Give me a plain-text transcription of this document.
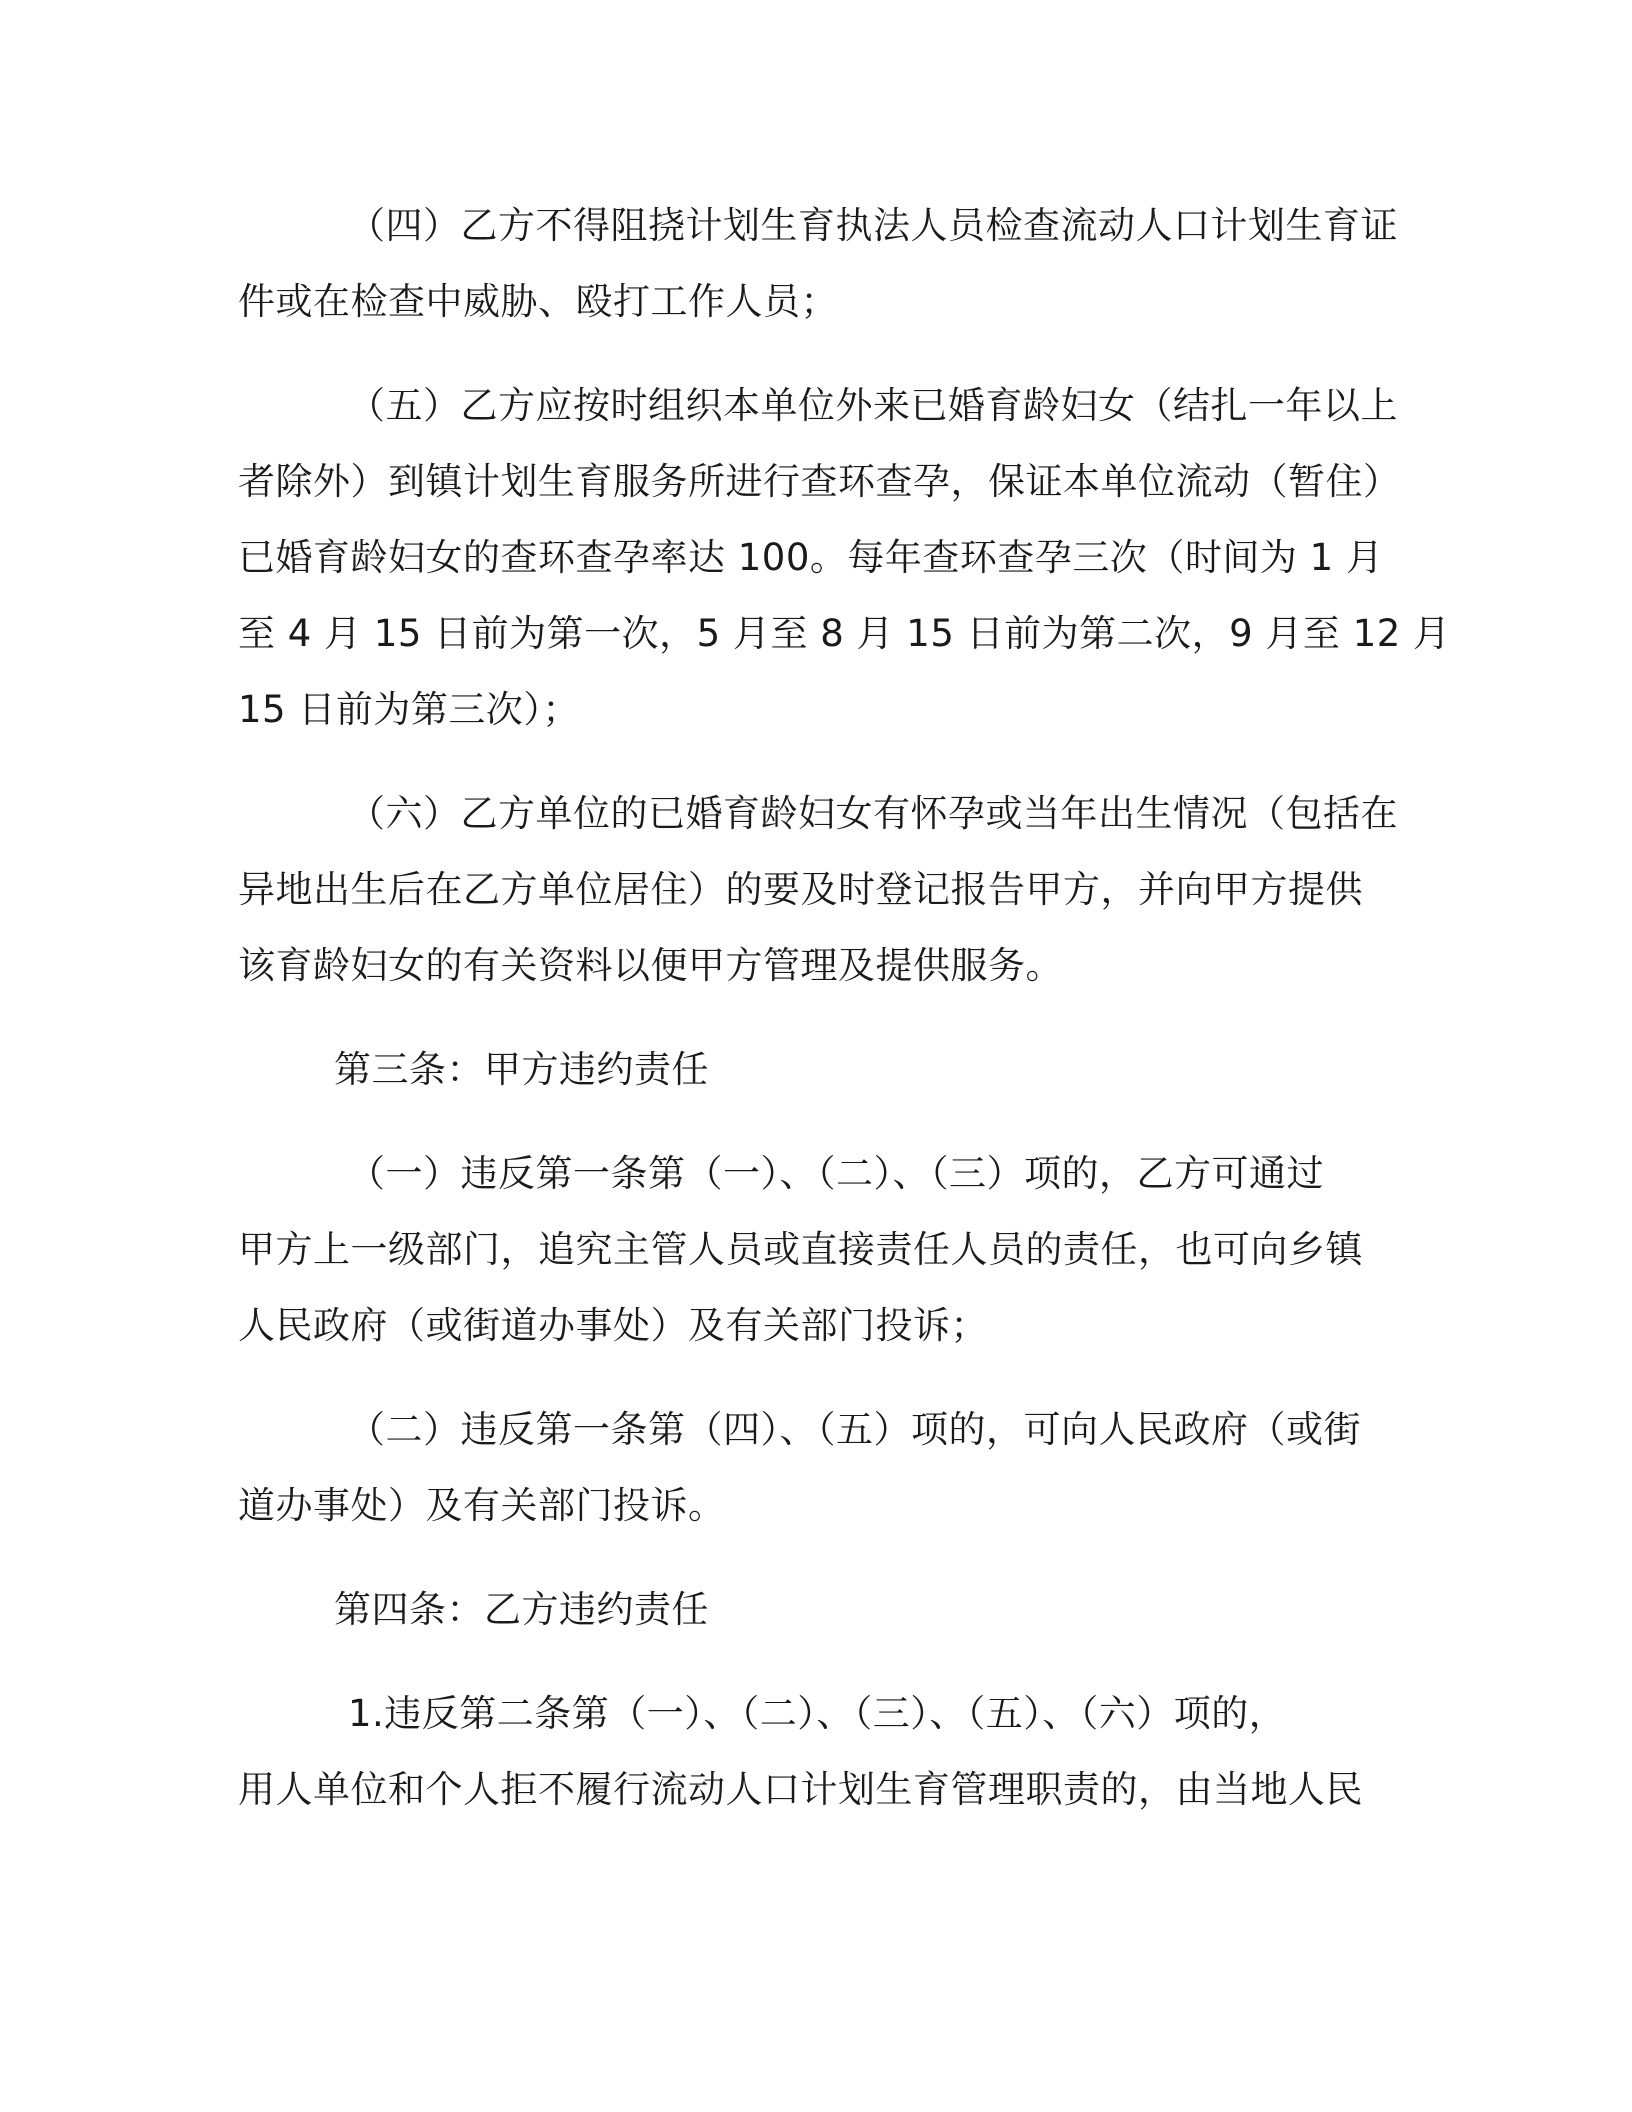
（四）乙方不得阻挠计划生育执法人员检查流动人口计划生育证
件或在检查中威胁、殴打工作人员；
（五）乙方应按时组织本单位外来已婚育龄妇女（结扎一年以上
者除外）到镇计划生育服务所进行查环查孕，保证本单位流动（暂住）
已婚育龄妇女的查环查孕率达 100。每年查环查孕三次（时间为 1 月
至 4 月 15 日前为第一次，5 月至 8 月 15 日前为第二次，9 月至 12 月
15 日前为第三次）；
（六）乙方单位的已婚育龄妇女有怀孕或当年出生情况（包括在
异地出生后在乙方单位居住）的要及时登记报告甲方，并向甲方提供
该育龄妇女的有关资料以便甲方管理及提供服务。
第三条：甲方违约责任
（一）违反第一条第（一）、（二）、（三）项的，乙方可通过
甲方上一级部门，追究主管人员或直接责任人员的责任，也可向乡镇
人民政府（或街道办事处）及有关部门投诉；
（二）违反第一条第（四）、（五）项的，可向人民政府（或街
道办事处）及有关部门投诉。
第四条：乙方违约责任
1.违反第二条第（一）、（二）、（三）、（五）、（六）项的，
用人单位和个人拒不履行流动人口计划生育管理职责的，由当地人民
